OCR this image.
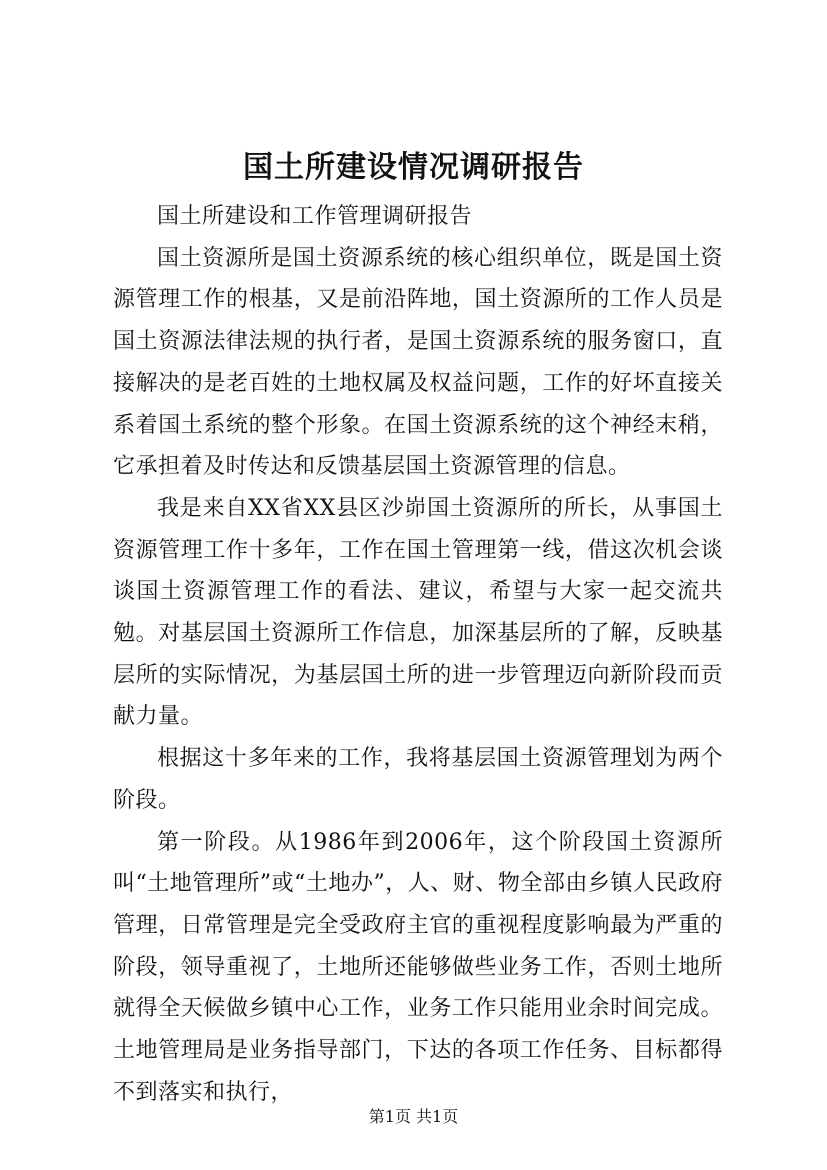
国土所建设情况调研报告

国土所建设和工作管理调研报告

国土资源所是国土资源系统的核心组织单位，既是国土资源管理工作的根基，又是前沿阵地，国土资源所的工作人员是国土资源法律法规的执行者，是国土资源系统的服务窗口，直接解决的是老百姓的土地权属及权益问题，工作的好坏直接关系着国土系统的整个形象。在国土资源系统的这个神经末稍，它承担着及时传达和反馈基层国土资源管理的信息。

我是来自XX省XX县区沙峁国土资源所的所长，从事国土资源管理工作十多年，工作在国土管理第一线，借这次机会谈谈国土资源管理工作的看法、建议，希望与大家一起交流共勉。对基层国土资源所工作信息，加深基层所的了解，反映基层所的实际情况，为基层国土所的进一步管理迈向新阶段而贡献力量。

根据这十多年来的工作，我将基层国土资源管理划为两个阶段。

第一阶段。从1986年到2006年，这个阶段国土资源所叫“土地管理所”或“土地办”，人、财、物全部由乡镇人民政府管理，日常管理是完全受政府主官的重视程度影响最为严重的阶段，领导重视了，土地所还能够做些业务工作，否则土地所就得全天候做乡镇中心工作，业务工作只能用业余时间完成。土地管理局是业务指导部门，下达的各项工作任务、目标都得不到落实和执行，

第1页 共1页
